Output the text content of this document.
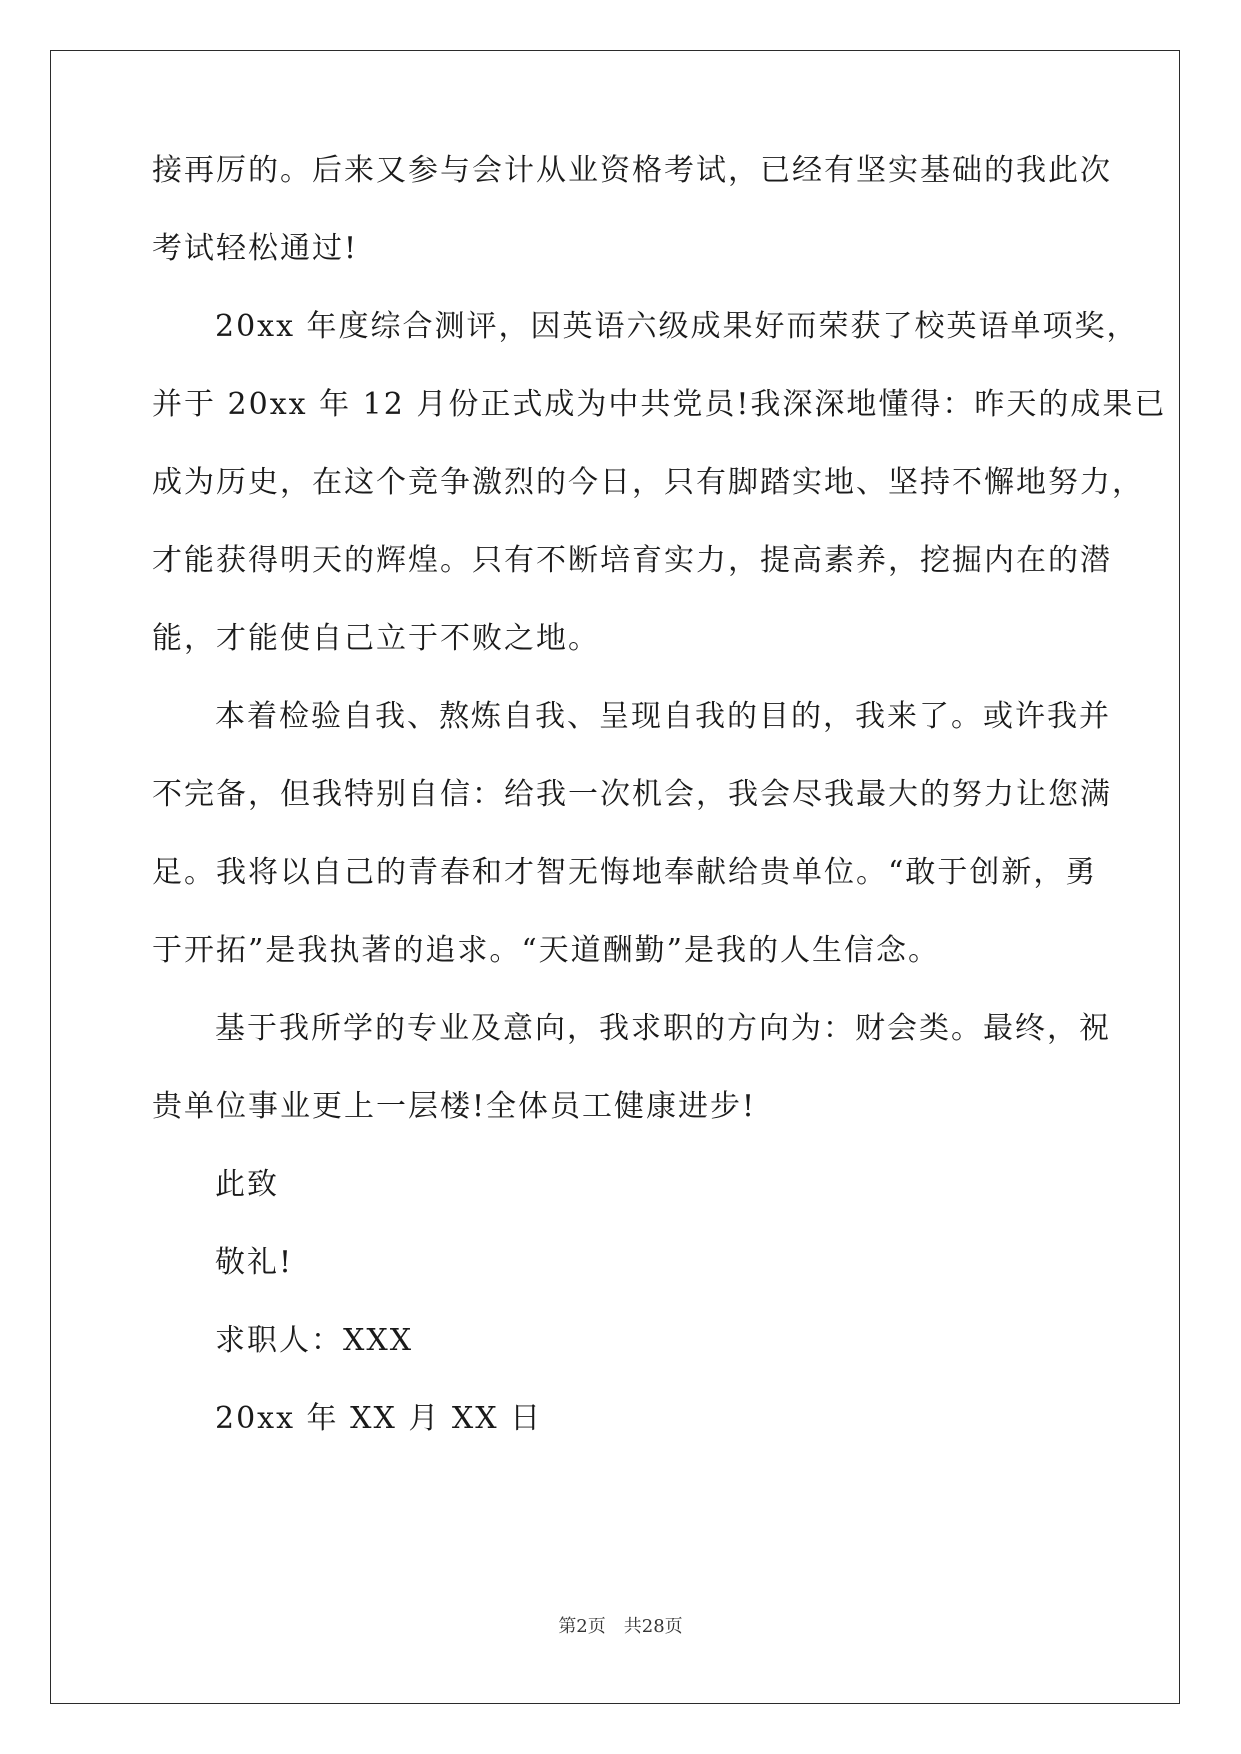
接再厉的。后来又参与会计从业资格考试，已经有坚实基础的我此次
考试轻松通过!
20xx 年度综合测评，因英语六级成果好而荣获了校英语单项奖，
并于 20xx 年 12 月份正式成为中共党员!我深深地懂得：昨天的成果已
成为历史，在这个竞争激烈的今日，只有脚踏实地、坚持不懈地努力，
才能获得明天的辉煌。只有不断培育实力，提高素养，挖掘内在的潜
能，才能使自己立于不败之地。
本着检验自我、熬炼自我、呈现自我的目的，我来了。或许我并
不完备，但我特别自信：给我一次机会，我会尽我最大的努力让您满
足。我将以自己的青春和才智无悔地奉献给贵单位。“敢于创新，勇
于开拓”是我执著的追求。“天道酬勤”是我的人生信念。
基于我所学的专业及意向，我求职的方向为：财会类。最终，祝
贵单位事业更上一层楼!全体员工健康进步!
此致
敬礼!
求职人：XXX
20xx 年 XX 月 XX 日
第2页 共28页
